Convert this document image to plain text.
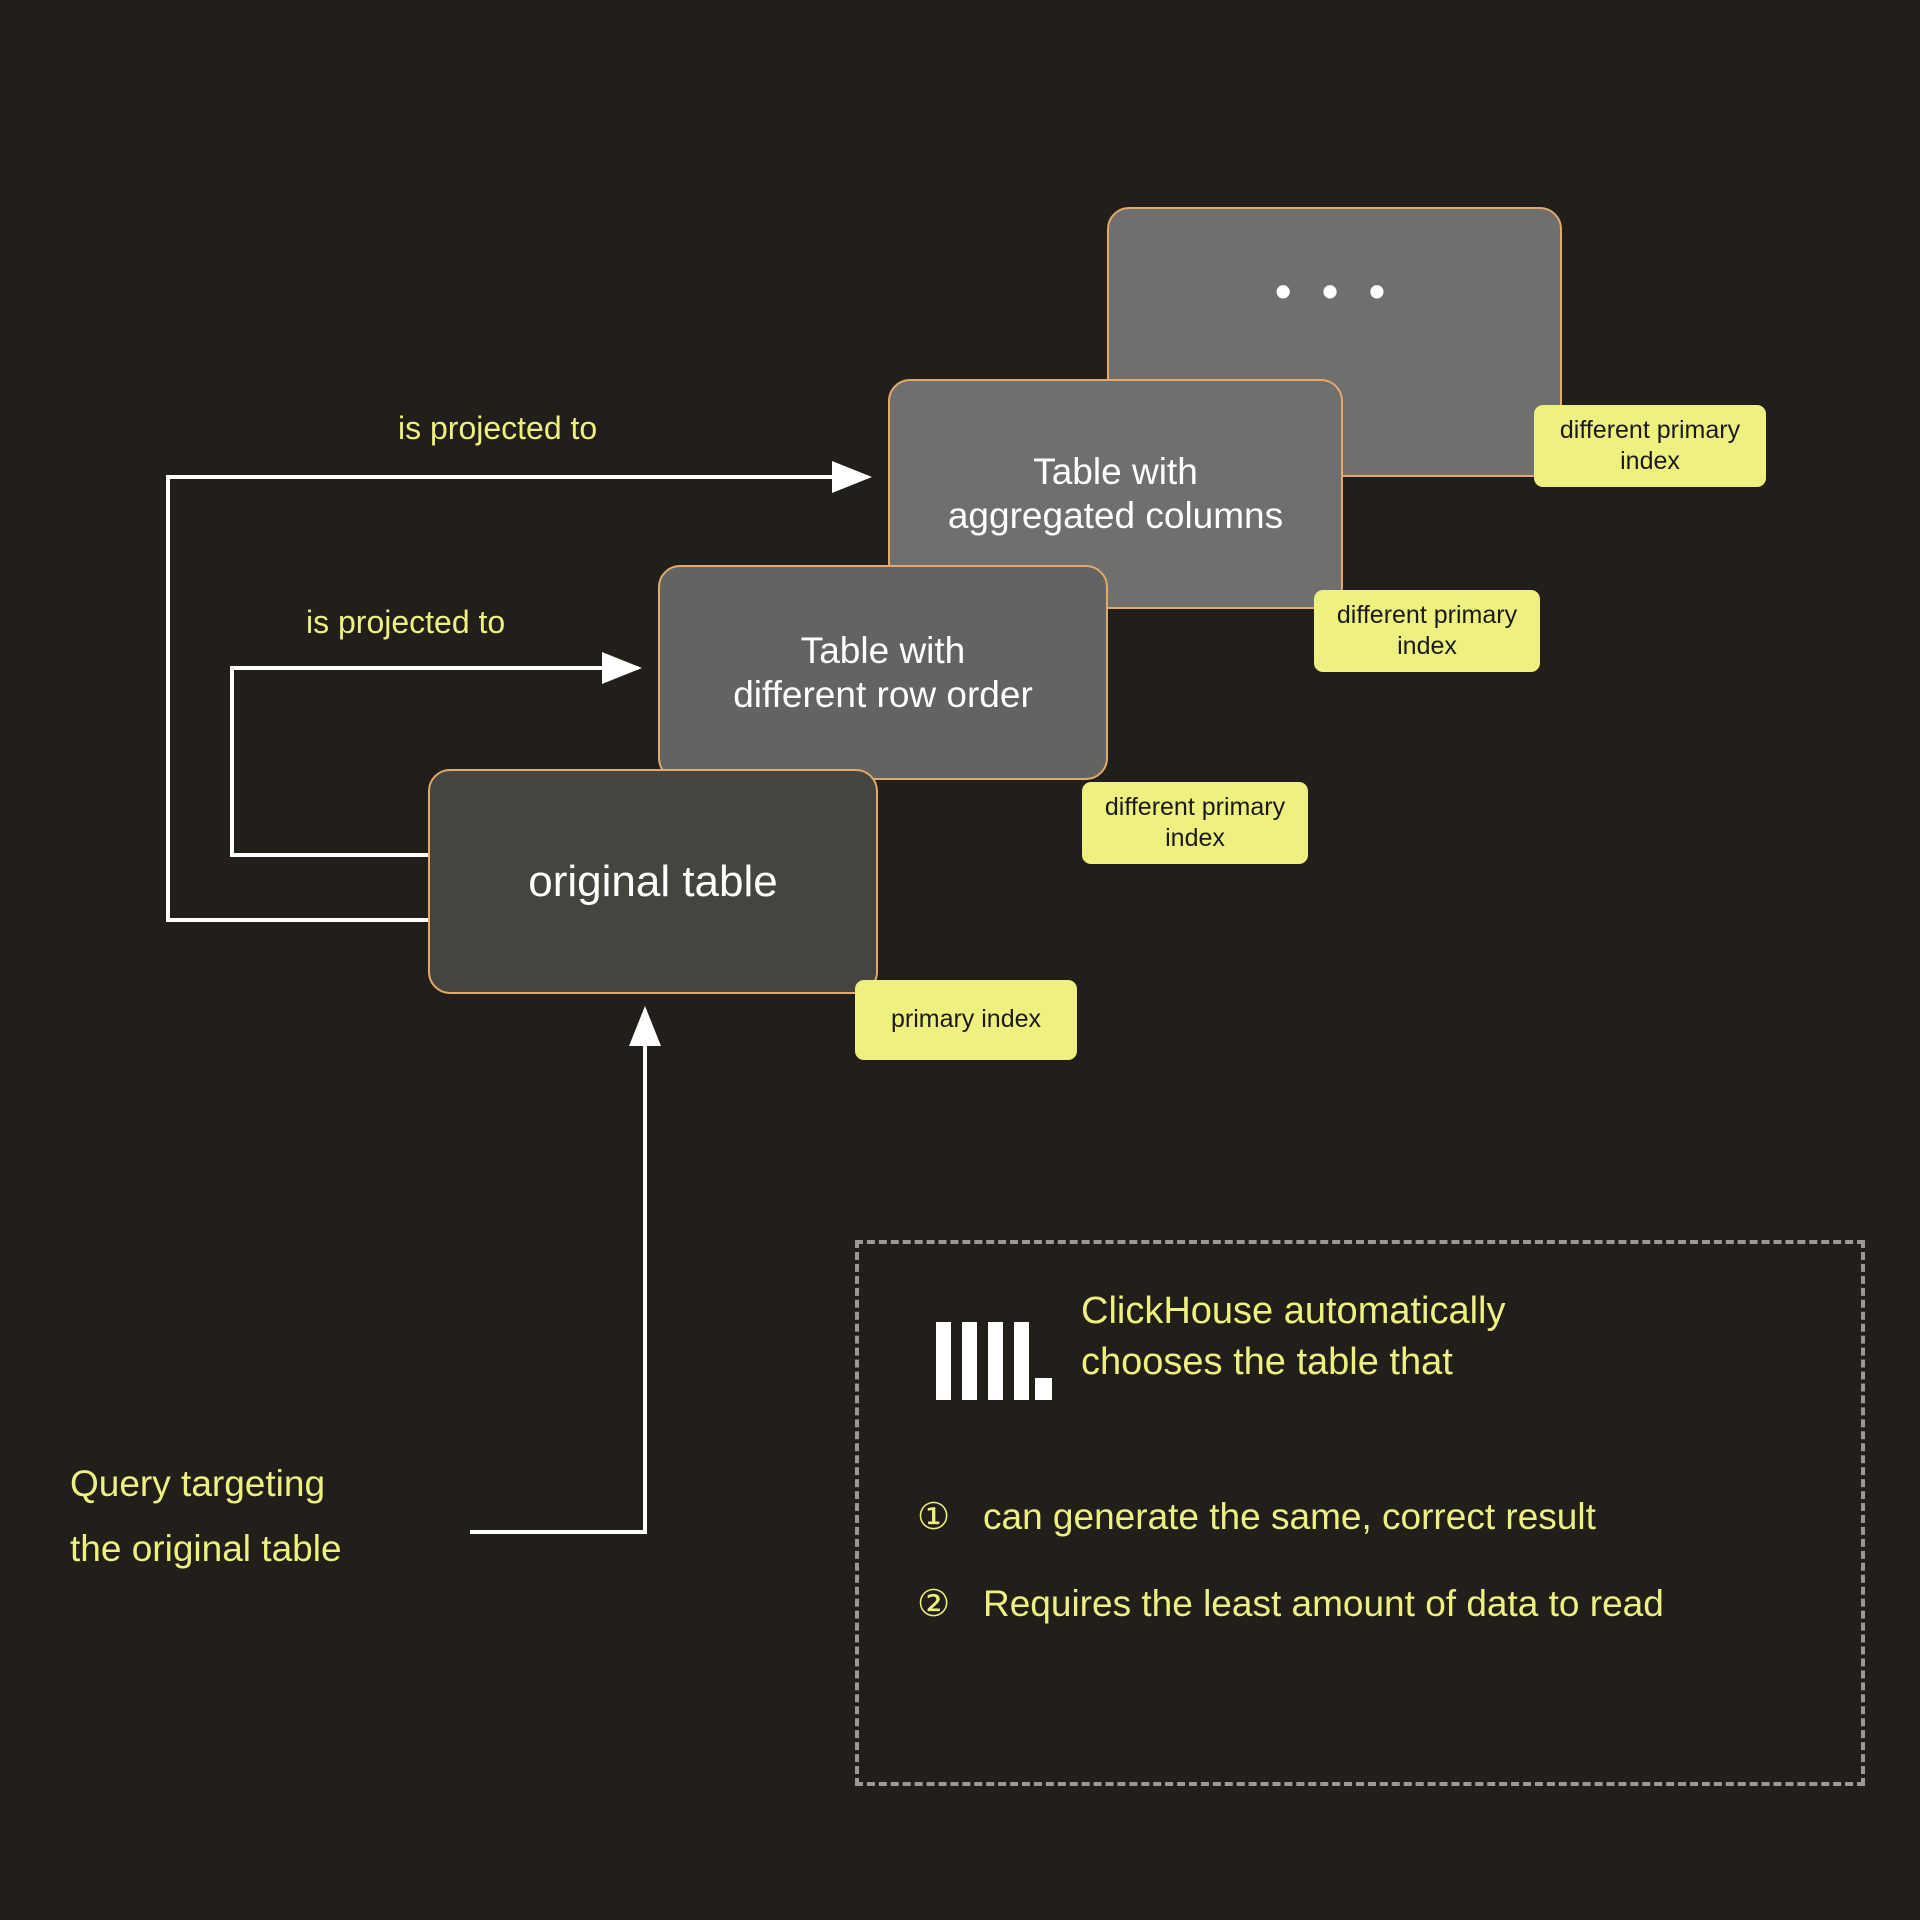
• • •
Table with
aggregated columns
Table with
different row order
original table
different primary index
different primary index
different primary index
primary index
is projected to
is projected to
Query targeting
the original table
ClickHouse automatically
chooses the table that
① can generate the same, correct result
② Requires the least amount of data to read
